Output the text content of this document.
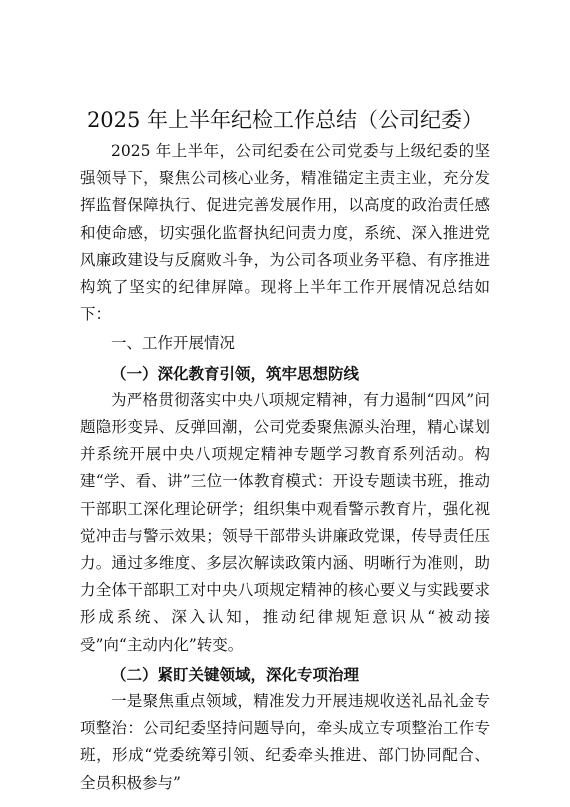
2025 年上半年纪检工作总结（公司纪委）

2025 年上半年，公司纪委在公司党委与上级纪委的坚强领导下，聚焦公司核心业务，精准锚定主责主业，充分发挥监督保障执行、促进完善发展作用，以高度的政治责任感和使命感，切实强化监督执纪问责力度，系统、深入推进党风廉政建设与反腐败斗争，为公司各项业务平稳、有序推进构筑了坚实的纪律屏障。现将上半年工作开展情况总结如下：

一、工作开展情况

（一）深化教育引领，筑牢思想防线

为严格贯彻落实中央八项规定精神，有力遏制“四风”问题隐形变异、反弹回潮，公司党委聚焦源头治理，精心谋划并系统开展中央八项规定精神专题学习教育系列活动。构建“学、看、讲”三位一体教育模式：开设专题读书班，推动干部职工深化理论研学；组织集中观看警示教育片，强化视觉冲击与警示效果；领导干部带头讲廉政党课，传导责任压力。通过多维度、多层次解读政策内涵、明晰行为准则，助力全体干部职工对中央八项规定精神的核心要义与实践要求形成系统、深入认知，推动纪律规矩意识从“被动接受”向“主动内化”转变。

（二）紧盯关键领域，深化专项治理

一是聚焦重点领域，精准发力开展违规收送礼品礼金专项整治：公司纪委坚持问题导向，牵头成立专项整治工作专班，形成“党委统筹引领、纪委牵头推进、部门协同配合、全员积极参与”
